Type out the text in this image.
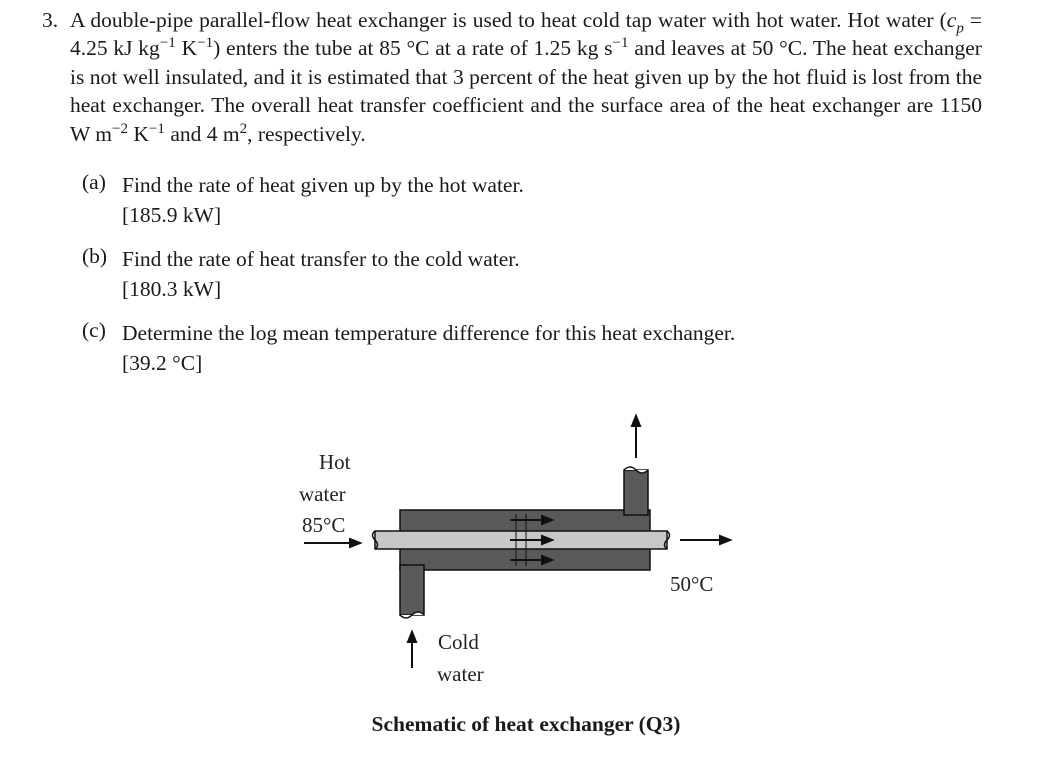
3. A double-pipe parallel-flow heat exchanger is used to heat cold tap water with hot water. Hot water ($c_p = 4.25$ kJ $kg^{-1}$ $K^{-1}$) enters the tube at 85 °C at a rate of 1.25 kg $s^{-1}$ and leaves at 50 °C. The heat exchanger is not well insulated, and it is estimated that 3 percent of the heat given up by the hot fluid is lost from the heat exchanger. The overall heat transfer coefficient and the surface area of the heat exchanger are 1150 W $m^{-2}$ $K^{-1}$ and 4 $m^2$, respectively.
(a) Find the rate of heat given up by the hot water.
[185.9 kW]
(b) Find the rate of heat transfer to the cold water.
[180.3 kW]
(c) Determine the log mean temperature difference for this heat exchanger.
[39.2 °C]
Hot
water
85°C
50°C
Cold
water
Schematic of heat exchanger (Q3)
